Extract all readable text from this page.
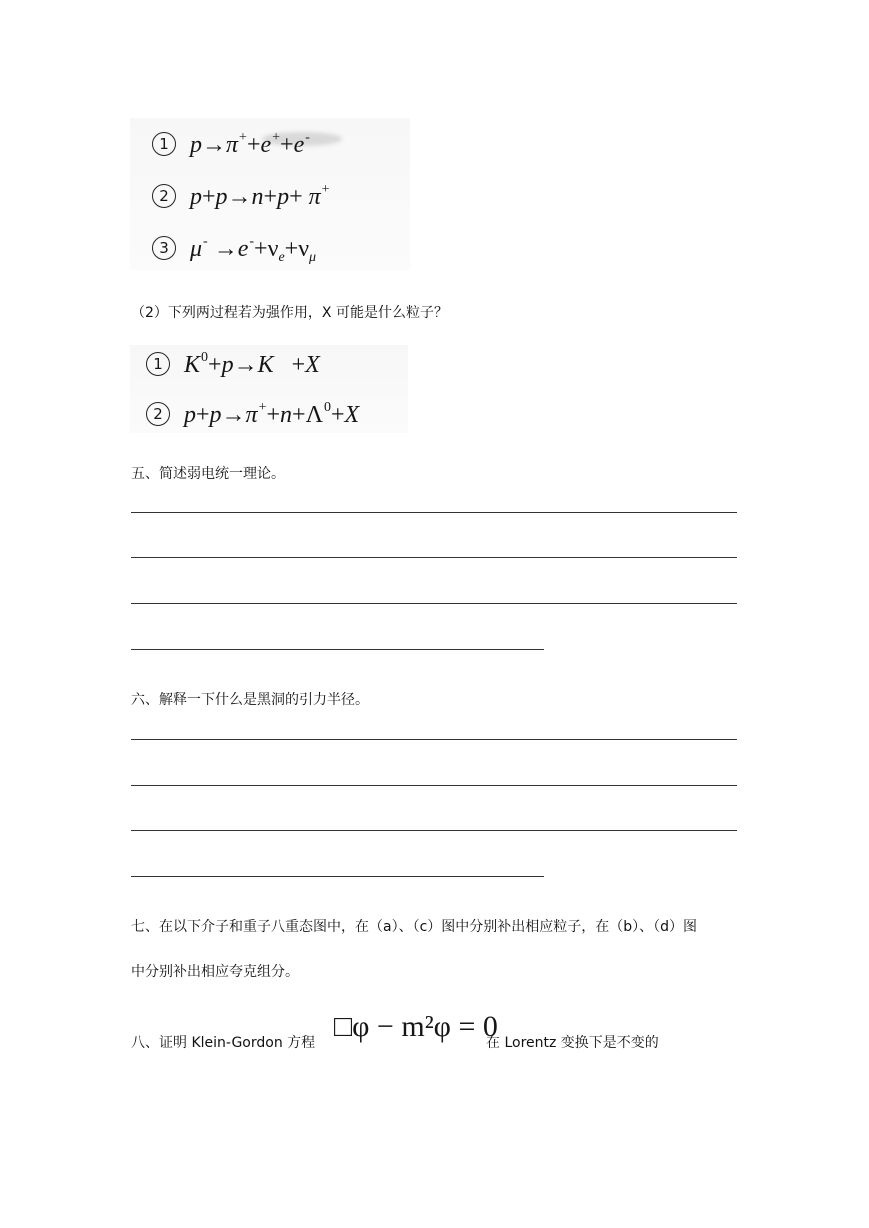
1 p→π++e++e-
2 p+p→n+p+ π+
3 $\mu^- \to e^-+\nu_e+\nu_\mu$
（2）下列两过程若为强作用，X 可能是什么粒子？
1 $K^0+p\to K +X$
2 $p+p\to\pi^++n+\Lambda^0+X$
五、简述弱电统一理论。
六、解释一下什么是黑洞的引力半径。
七、在以下介子和重子八重态图中，在（a）、（c）图中分别补出相应粒子，在（b）、（d）图
中分别补出相应夸克组分。
八、证明 Klein-Gordon 方程 □φ − m²φ = 0
在 Lorentz 变换下是不变的
